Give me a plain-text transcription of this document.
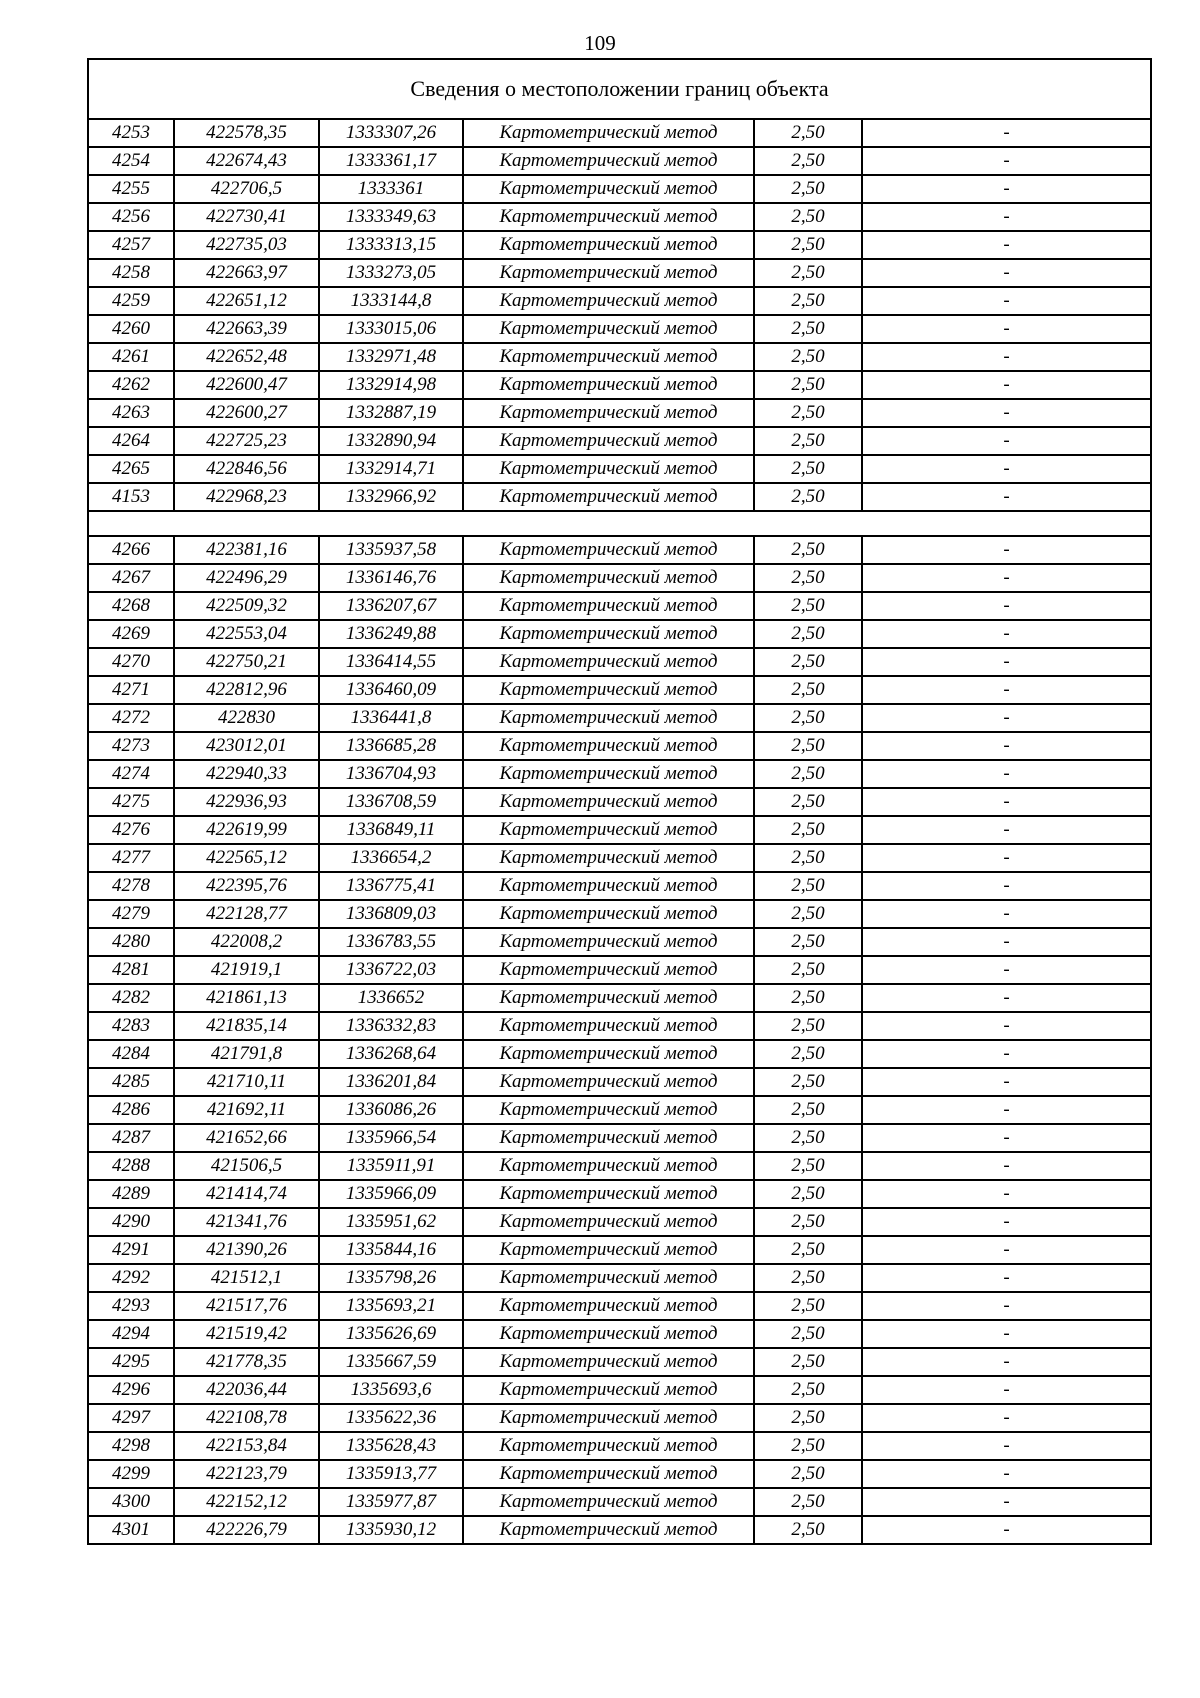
109
Сведения о местоположении границ объекта					
4253	422578,35	1333307,26	Картометрический метод	2,50	-
4254	422674,43	1333361,17	Картометрический метод	2,50	-
4255	422706,5	1333361	Картометрический метод	2,50	-
4256	422730,41	1333349,63	Картометрический метод	2,50	-
4257	422735,03	1333313,15	Картометрический метод	2,50	-
4258	422663,97	1333273,05	Картометрический метод	2,50	-
4259	422651,12	1333144,8	Картометрический метод	2,50	-
4260	422663,39	1333015,06	Картометрический метод	2,50	-
4261	422652,48	1332971,48	Картометрический метод	2,50	-
4262	422600,47	1332914,98	Картометрический метод	2,50	-
4263	422600,27	1332887,19	Картометрический метод	2,50	-
4264	422725,23	1332890,94	Картометрический метод	2,50	-
4265	422846,56	1332914,71	Картометрический метод	2,50	-
4153	422968,23	1332966,92	Картометрический метод	2,50	-

4266	422381,16	1335937,58	Картометрический метод	2,50	-
4267	422496,29	1336146,76	Картометрический метод	2,50	-
4268	422509,32	1336207,67	Картометрический метод	2,50	-
4269	422553,04	1336249,88	Картометрический метод	2,50	-
4270	422750,21	1336414,55	Картометрический метод	2,50	-
4271	422812,96	1336460,09	Картометрический метод	2,50	-
4272	422830	1336441,8	Картометрический метод	2,50	-
4273	423012,01	1336685,28	Картометрический метод	2,50	-
4274	422940,33	1336704,93	Картометрический метод	2,50	-
4275	422936,93	1336708,59	Картометрический метод	2,50	-
4276	422619,99	1336849,11	Картометрический метод	2,50	-
4277	422565,12	1336654,2	Картометрический метод	2,50	-
4278	422395,76	1336775,41	Картометрический метод	2,50	-
4279	422128,77	1336809,03	Картометрический метод	2,50	-
4280	422008,2	1336783,55	Картометрический метод	2,50	-
4281	421919,1	1336722,03	Картометрический метод	2,50	-
4282	421861,13	1336652	Картометрический метод	2,50	-
4283	421835,14	1336332,83	Картометрический метод	2,50	-
4284	421791,8	1336268,64	Картометрический метод	2,50	-
4285	421710,11	1336201,84	Картометрический метод	2,50	-
4286	421692,11	1336086,26	Картометрический метод	2,50	-
4287	421652,66	1335966,54	Картометрический метод	2,50	-
4288	421506,5	1335911,91	Картометрический метод	2,50	-
4289	421414,74	1335966,09	Картометрический метод	2,50	-
4290	421341,76	1335951,62	Картометрический метод	2,50	-
4291	421390,26	1335844,16	Картометрический метод	2,50	-
4292	421512,1	1335798,26	Картометрический метод	2,50	-
4293	421517,76	1335693,21	Картометрический метод	2,50	-
4294	421519,42	1335626,69	Картометрический метод	2,50	-
4295	421778,35	1335667,59	Картометрический метод	2,50	-
4296	422036,44	1335693,6	Картометрический метод	2,50	-
4297	422108,78	1335622,36	Картометрический метод	2,50	-
4298	422153,84	1335628,43	Картометрический метод	2,50	-
4299	422123,79	1335913,77	Картометрический метод	2,50	-
4300	422152,12	1335977,87	Картометрический метод	2,50	-
4301	422226,79	1335930,12	Картометрический метод	2,50	-
